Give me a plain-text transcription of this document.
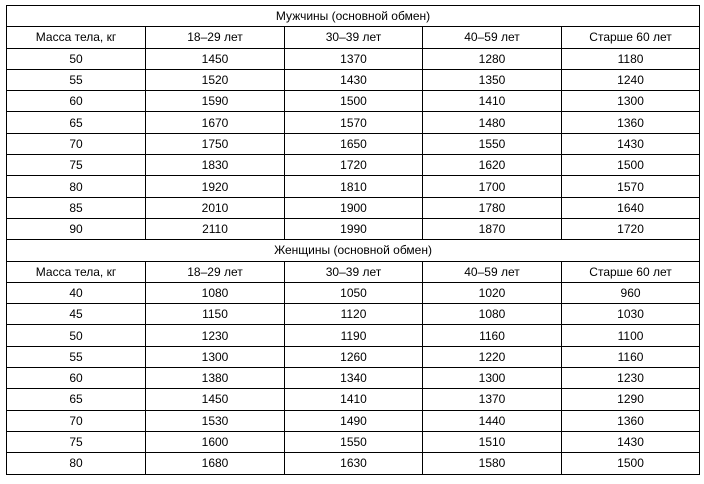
Мужчины (основной обмен)				
Масса тела, кг	18–29 лет	30–39 лет	40–59 лет	Старше 60 лет
50	1450	1370	1280	1180
55	1520	1430	1350	1240
60	1590	1500	1410	1300
65	1670	1570	1480	1360
70	1750	1650	1550	1430
75	1830	1720	1620	1500
80	1920	1810	1700	1570
85	2010	1900	1780	1640
90	2110	1990	1870	1720
Женщины (основной обмен)				
Масса тела, кг	18–29 лет	30–39 лет	40–59 лет	Старше 60 лет
40	1080	1050	1020	960
45	1150	1120	1080	1030
50	1230	1190	1160	1100
55	1300	1260	1220	1160
60	1380	1340	1300	1230
65	1450	1410	1370	1290
70	1530	1490	1440	1360
75	1600	1550	1510	1430
80	1680	1630	1580	1500
